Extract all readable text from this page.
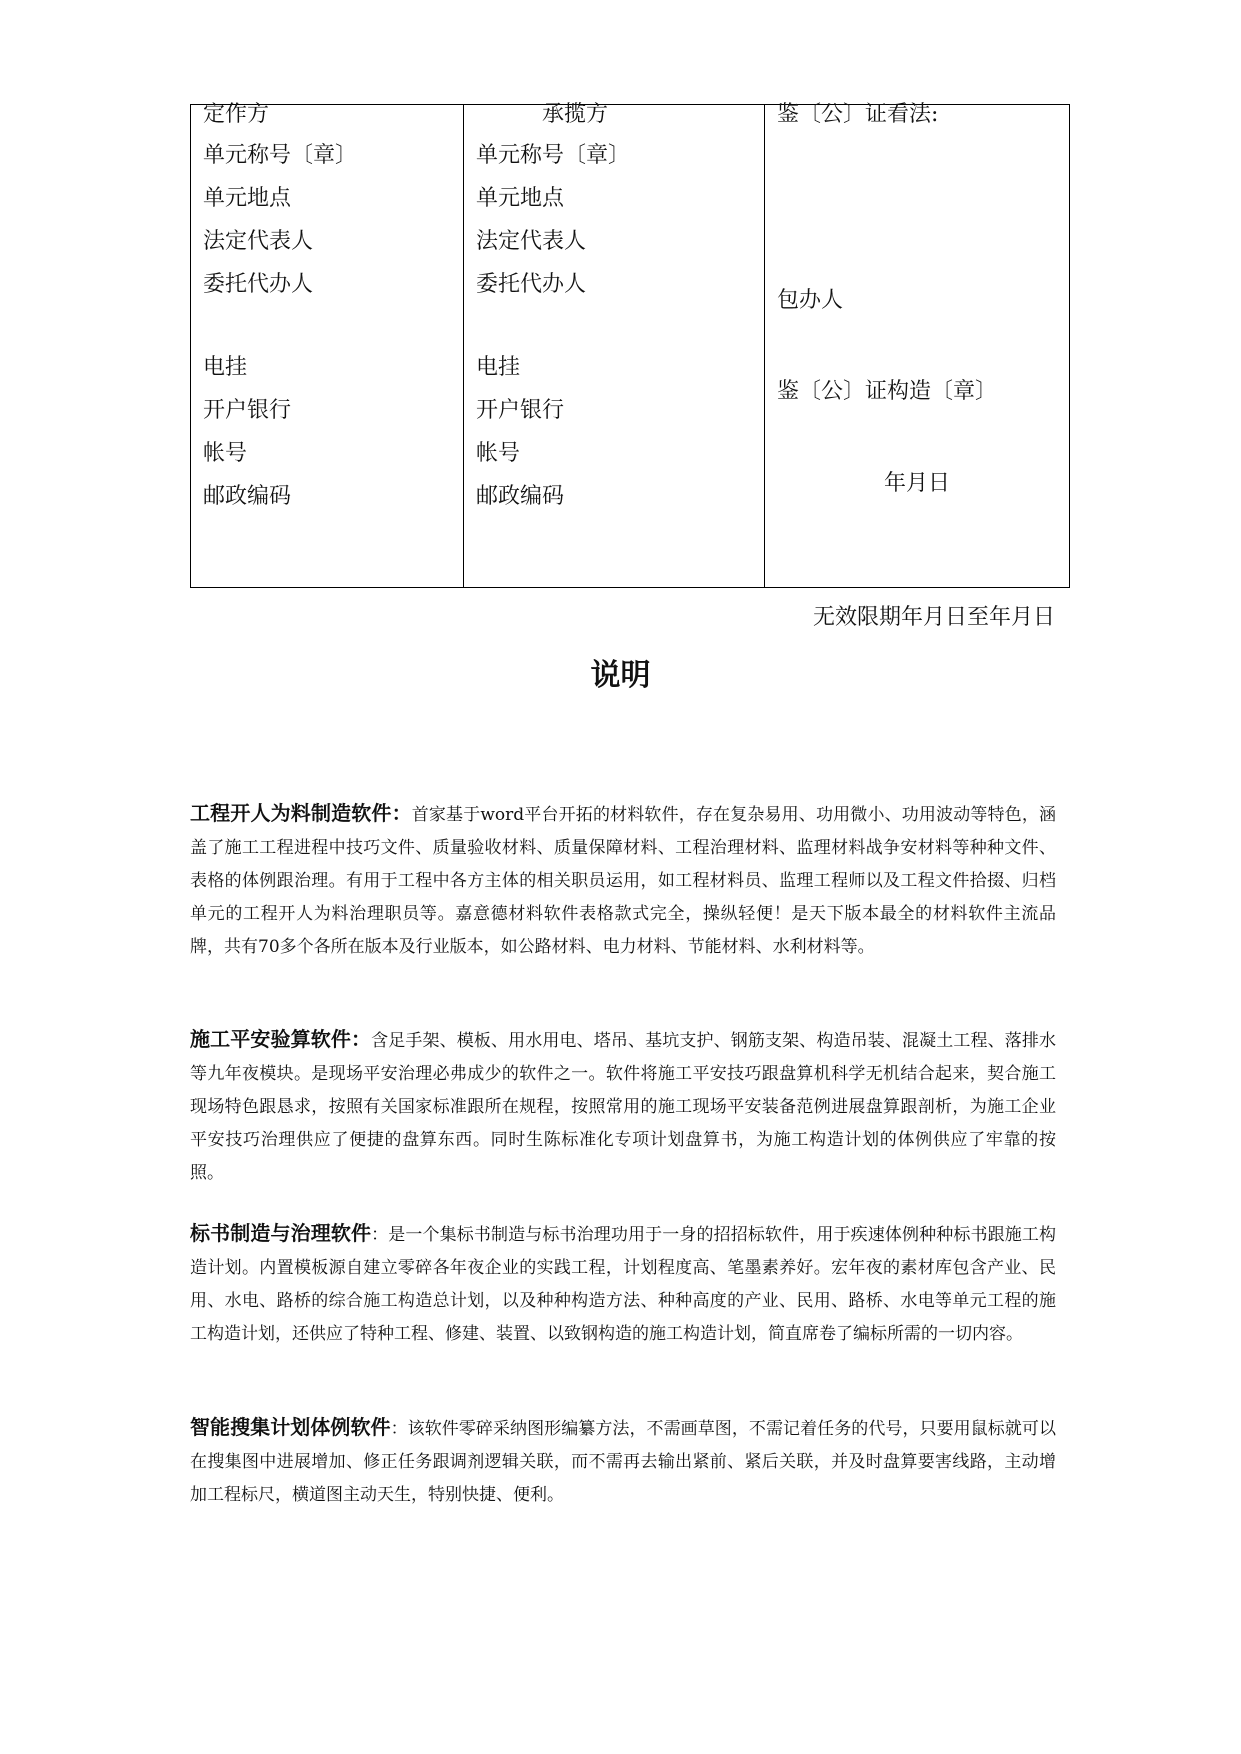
定作方
单元称号〔章〕
单元地点
法定代表人
委托代办人
电挂
开户银行
帐号
邮政编码

承揽方
单元称号〔章〕
单元地点
法定代表人
委托代办人
电挂
开户银行
帐号
邮政编码

鉴〔公〕证看法:
包办人
鉴〔公〕证构造〔章〕
年月日
无效限期年月日至年月日
说明
工程开人为料制造软件：首家基于word平台开拓的材料软件，存在复杂易用、功用微小、功用波动等特色，涵盖了施工工程进程中技巧文件、质量验收材料、质量保障材料、工程治理材料、监理材料战争安材料等种种文件、表格的体例跟治理。有用于工程中各方主体的相关职员运用，如工程材料员、监理工程师以及工程文件拾掇、归档单元的工程开人为料治理职员等。嘉意德材料软件表格款式完全，操纵轻便！是天下版本最全的材料软件主流品牌，共有70多个各所在版本及行业版本，如公路材料、电力材料、节能材料、水利材料等。
施工平安验算软件：含足手架、模板、用水用电、塔吊、基坑支护、钢筋支架、构造吊装、混凝土工程、落排水等九年夜模块。是现场平安治理必弗成少的软件之一。软件将施工平安技巧跟盘算机科学无机结合起来，契合施工现场特色跟恳求，按照有关国家标准跟所在规程，按照常用的施工现场平安装备范例进展盘算跟剖析，为施工企业平安技巧治理供应了便捷的盘算东西。同时生陈标准化专项计划盘算书，为施工构造计划的体例供应了牢靠的按照。
标书制造与治理软件：是一个集标书制造与标书治理功用于一身的招招标软件，用于疾速体例种种标书跟施工构造计划。内置模板源自建立零碎各年夜企业的实践工程，计划程度高、笔墨素养好。宏年夜的素材库包含产业、民用、水电、路桥的综合施工构造总计划，以及种种构造方法、种种高度的产业、民用、路桥、水电等单元工程的施工构造计划，还供应了特种工程、修建、装置、以致钢构造的施工构造计划，简直席卷了编标所需的一切内容。
智能搜集计划体例软件：该软件零碎采纳图形编纂方法，不需画草图，不需记着任务的代号，只要用鼠标就可以在搜集图中进展增加、修正任务跟调剂逻辑关联，而不需再去输出紧前、紧后关联，并及时盘算要害线路，主动增加工程标尺，横道图主动天生，特别快捷、便利。
